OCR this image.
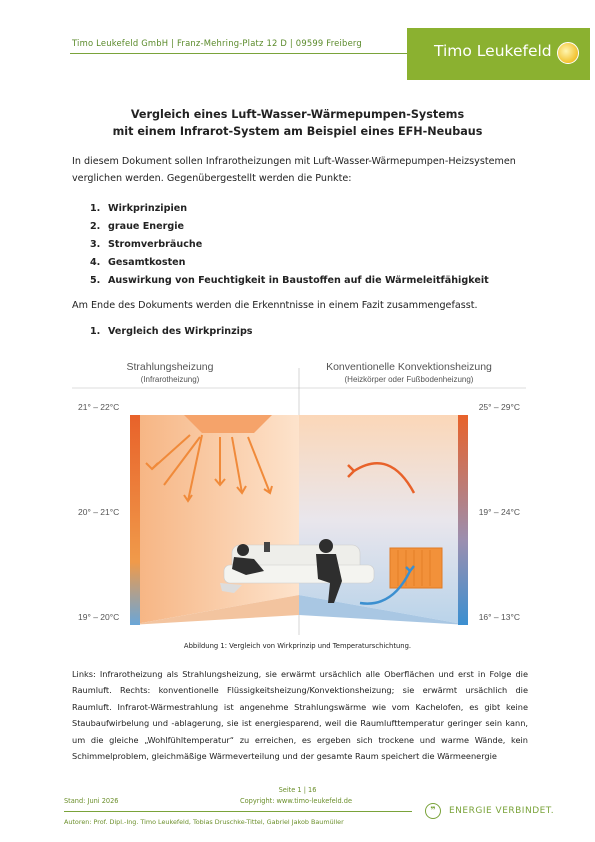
Timo Leukefeld GmbH | Franz-Mehring-Platz 12 D | 09599 Freiberg	Timo Leukefeld
Vergleich eines Luft-Wasser-Wärmepumpen-Systems
mit einem Infrarot-System am Beispiel eines EFH-Neubaus
In diesem Dokument sollen Infrarotheizungen mit Luft-Wasser-Wärmepumpen-Heizsystemen verglichen werden. Gegenübergestellt werden die Punkte:
1. Wirkprinzipien
2. graue Energie
3. Stromverbräuche
4. Gesamtkosten
5. Auswirkung von Feuchtigkeit in Baustoffen auf die Wärmeleitfähigkeit
Am Ende des Dokuments werden die Erkenntnisse in einem Fazit zusammengefasst.
1. Vergleich des Wirkprinzips
Strahlungsheizung
(Infrarotheizung)
Konventionelle Konvektionsheizung
(Heizkörper oder Fußbodenheizung)
21° – 22°C
20° – 21°C
19° – 20°C
25° – 29°C
19° – 24°C
16° – 13°C
Abbildung 1: Vergleich von Wirkprinzip und Temperaturschichtung.
Links: Infrarotheizung als Strahlungsheizung, sie erwärmt ursächlich alle Oberflächen und erst in Folge die Raumluft. Rechts: konventionelle Flüssigkeitsheizung/Konvektionsheizung; sie erwärmt ursächlich die Raumluft. Infrarot-Wärmestrahlung ist angenehme Strahlungswärme wie vom Kachelofen, es gibt keine Staubaufwirbelung und -ablagerung, sie ist energiesparend, weil die Raumlufttemperatur geringer sein kann, um die gleiche „Wohlfühltemperatur“ zu erreichen, es ergeben sich trockene und warme Wände, kein Schimmelproblem, gleichmäßige Wärmeverteilung und der gesamte Raum speichert die Wärmeenergie
Seite 1 | 16
Stand: Juni 2026	Copyright: www.timo-leukefeld.de
Autoren: Prof. Dipl.-Ing. Timo Leukefeld, Tobias Druschke-Tittel, Gabriel Jakob Baumüller
❞	ENERGIE VERBINDET.
